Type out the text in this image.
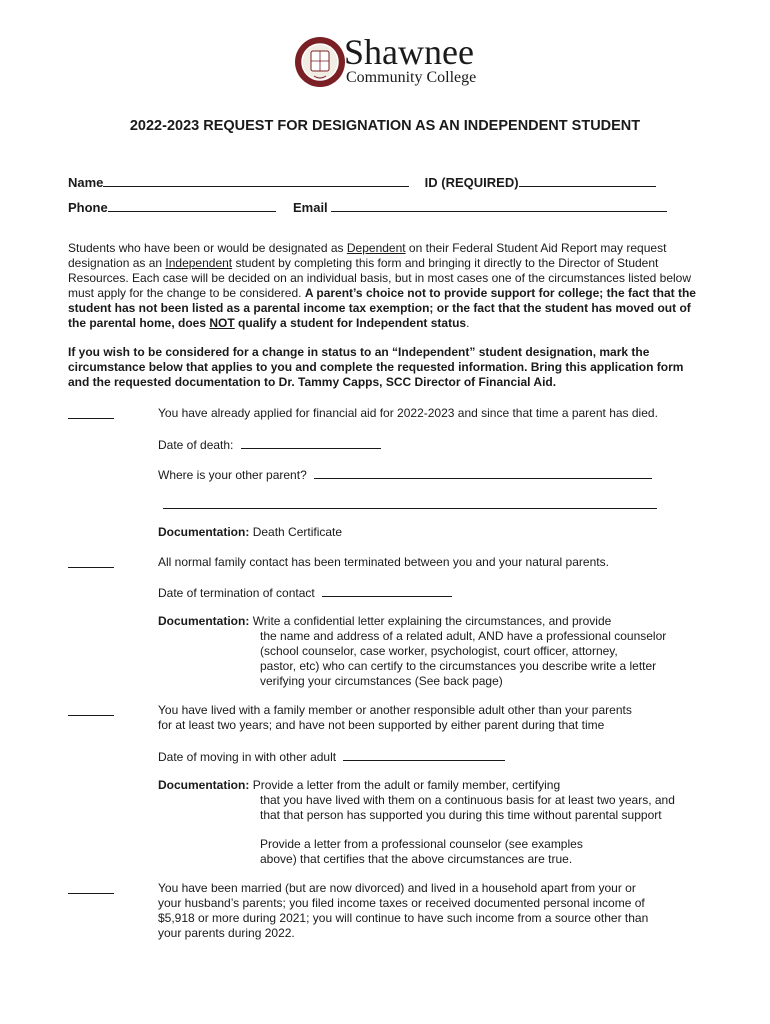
Shawnee
Community College
2022-2023 REQUEST FOR DESIGNATION AS AN INDEPENDENT STUDENT
Name	ID (REQUIRED)
Phone	Email
Students who have been or would be designated as Dependent on their Federal Student Aid Report may request designation as an Independent student by completing this form and bringing it directly to the Director of Student Resources. Each case will be decided on an individual basis, but in most cases one of the circumstances listed below must apply for the change to be considered. A parent’s choice not to provide support for college; the fact that the student has not been listed as a parental income tax exemption; or the fact that the student has moved out of the parental home, does NOT qualify a student for Independent status.
If you wish to be considered for a change in status to an “Independent” student designation, mark the circumstance below that applies to you and complete the requested information. Bring this application form and the requested documentation to Dr. Tammy Capps, SCC Director of Financial Aid.
You have already applied for financial aid for 2022-2023 and since that time a parent has died.
Date of death:
Where is your other parent?
Documentation: Death Certificate
All normal family contact has been terminated between you and your natural parents.
Date of termination of contact
Documentation: Write a confidential letter explaining the circumstances, and provide
the name and address of a related adult, AND have a professional counselor
(school counselor, case worker, psychologist, court officer, attorney,
pastor, etc) who can certify to the circumstances you describe write a letter
verifying your circumstances (See back page)
You have lived with a family member or another responsible adult other than your parents
for at least two years; and have not been supported by either parent during that time
Date of moving in with other adult
Documentation: Provide a letter from the adult or family member, certifying
that you have lived with them on a continuous basis for at least two years, and
that that person has supported you during this time without parental support
Provide a letter from a professional counselor (see examples
above) that certifies that the above circumstances are true.
You have been married (but are now divorced) and lived in a household apart from your or
your husband’s parents; you filed income taxes or received documented personal income of
$5,918 or more during 2021; you will continue to have such income from a source other than
your parents during 2022.
